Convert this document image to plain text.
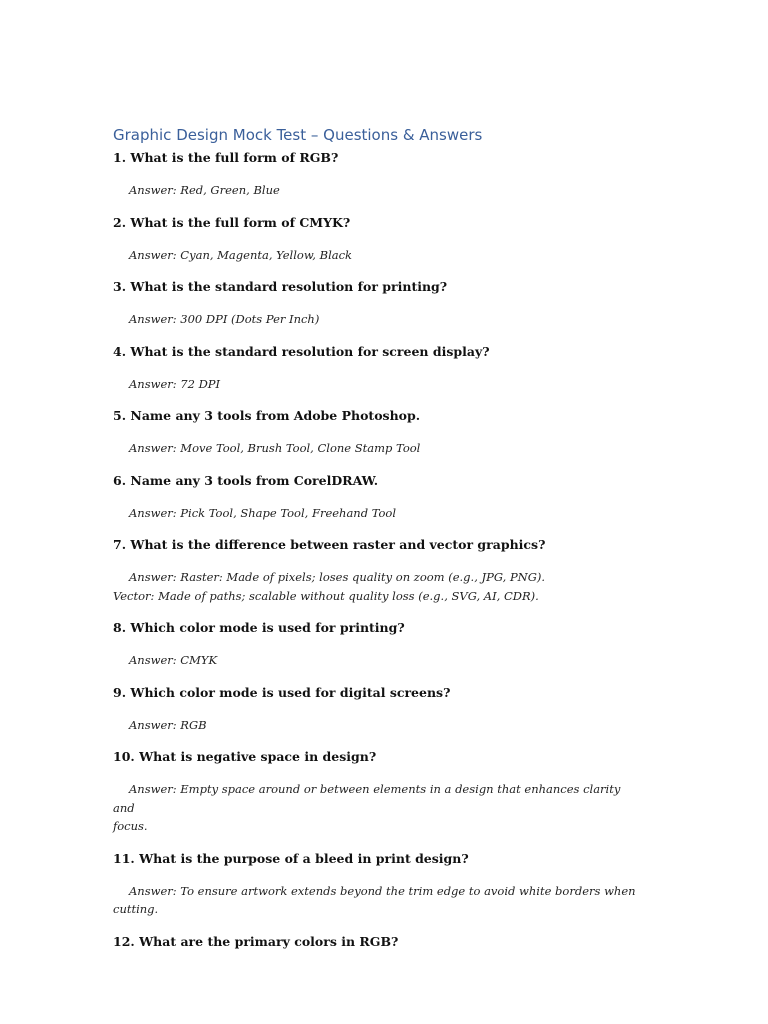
Graphic Design Mock Test – Questions & Answers

1. What is the full form of RGB?

Answer: Red, Green, Blue

2. What is the full form of CMYK?

Answer: Cyan, Magenta, Yellow, Black

3. What is the standard resolution for printing?

Answer: 300 DPI (Dots Per Inch)

4. What is the standard resolution for screen display?

Answer: 72 DPI

5. Name any 3 tools from Adobe Photoshop.

Answer: Move Tool, Brush Tool, Clone Stamp Tool

6. Name any 3 tools from CorelDRAW.

Answer: Pick Tool, Shape Tool, Freehand Tool

7. What is the difference between raster and vector graphics?

Answer: Raster: Made of pixels; loses quality on zoom (e.g., JPG, PNG).
Vector: Made of paths; scalable without quality loss (e.g., SVG, AI, CDR).

8. Which color mode is used for printing?

Answer: CMYK

9. Which color mode is used for digital screens?

Answer: RGB

10. What is negative space in design?

Answer: Empty space around or between elements in a design that enhances clarity and
focus.

11. What is the purpose of a bleed in print design?

Answer: To ensure artwork extends beyond the trim edge to avoid white borders when
cutting.

12. What are the primary colors in RGB?
